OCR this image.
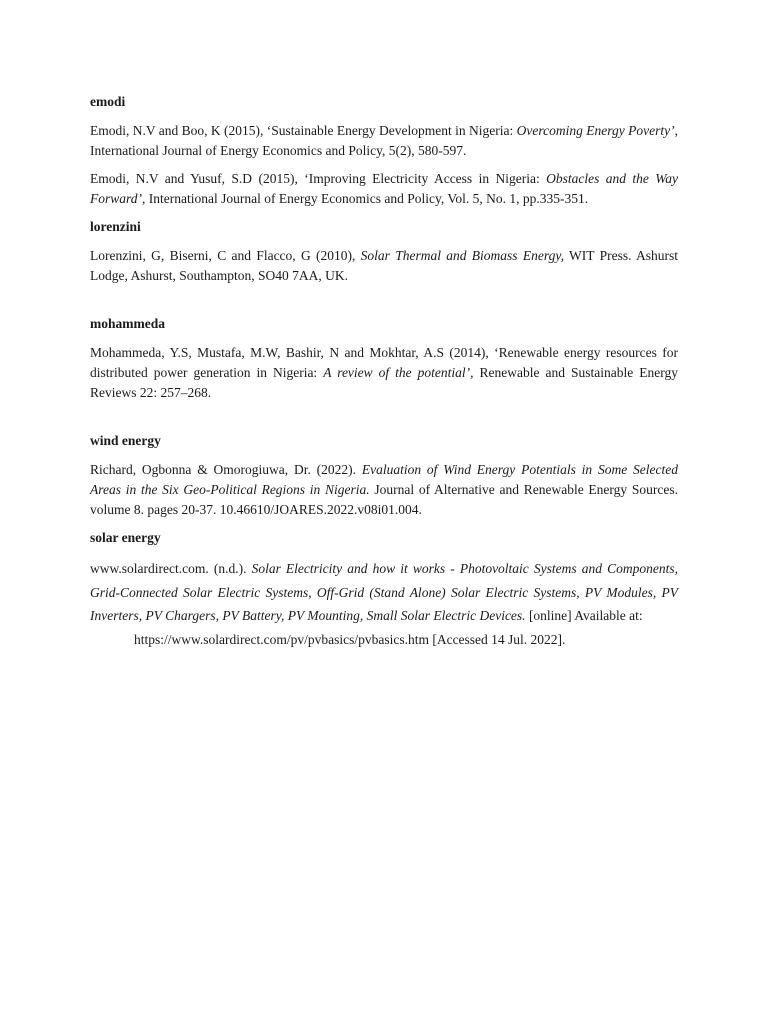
emodi

Emodi, N.V and Boo, K (2015), ‘Sustainable Energy Development in Nigeria: Overcoming Energy Poverty’, International Journal of Energy Economics and Policy, 5(2), 580-597.

Emodi, N.V and Yusuf, S.D (2015), ‘Improving Electricity Access in Nigeria: Obstacles and the Way Forward’, International Journal of Energy Economics and Policy, Vol. 5, No. 1, pp.335-351.

lorenzini

Lorenzini, G, Biserni, C and Flacco, G (2010), Solar Thermal and Biomass Energy, WIT Press. Ashurst Lodge, Ashurst, Southampton, SO40 7AA, UK.

mohammeda

Mohammeda, Y.S, Mustafa, M.W, Bashir, N and Mokhtar, A.S (2014), ‘Renewable energy resources for distributed power generation in Nigeria: A review of the potential’, Renewable and Sustainable Energy Reviews 22: 257–268.

wind energy

Richard, Ogbonna & Omorogiuwa, Dr. (2022). Evaluation of Wind Energy Potentials in Some Selected Areas in the Six Geo-Political Regions in Nigeria. Journal of Alternative and Renewable Energy Sources. volume 8. pages 20-37. 10.46610/JOARES.2022.v08i01.004.

solar energy

www.solardirect.com. (n.d.). Solar Electricity and how it works - Photovoltaic Systems and Components, Grid-Connected Solar Electric Systems, Off-Grid (Stand Alone) Solar Electric Systems, PV Modules, PV Inverters, PV Chargers, PV Battery, PV Mounting, Small Solar Electric Devices. [online] Available at:
https://www.solardirect.com/pv/pvbasics/pvbasics.htm [Accessed 14 Jul. 2022].
